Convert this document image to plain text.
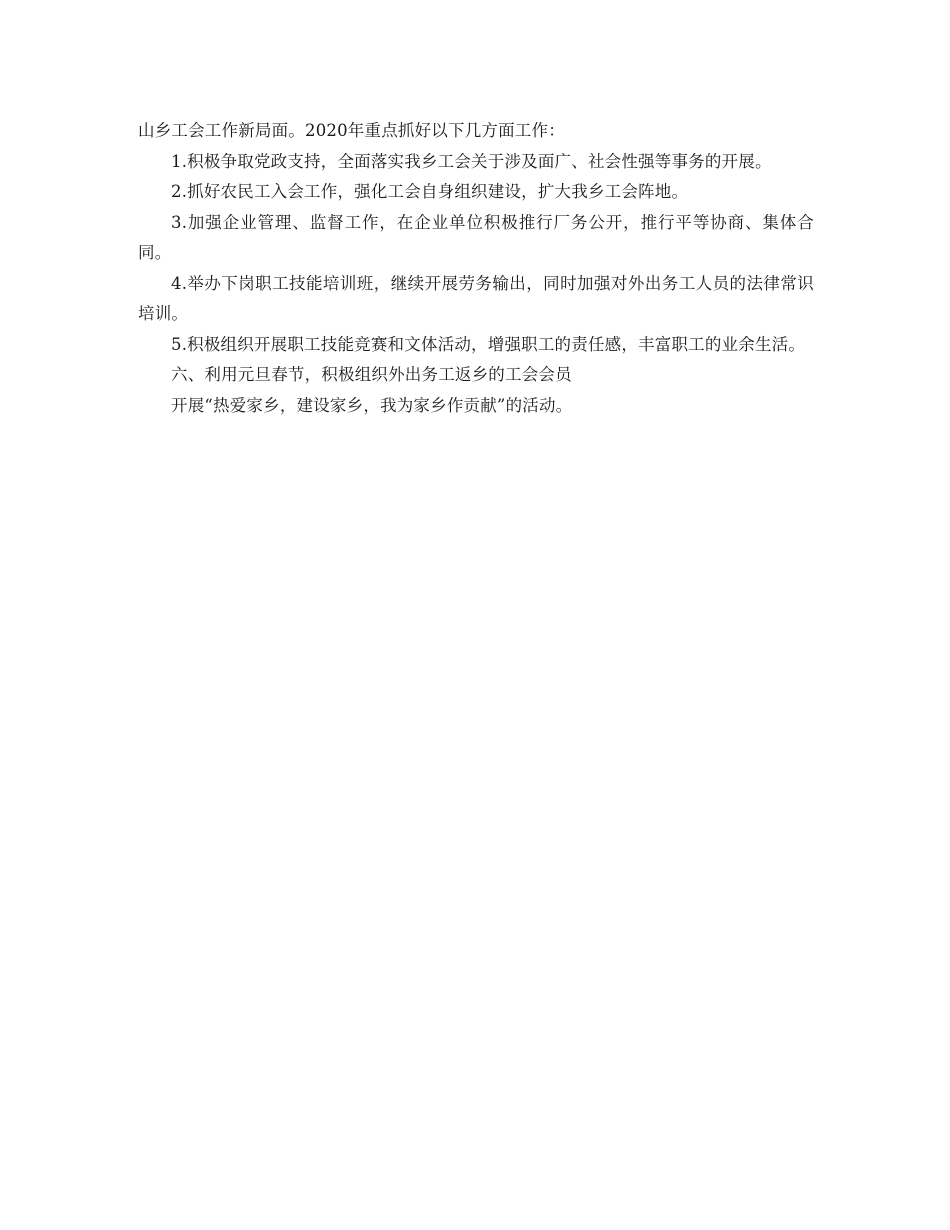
山乡工会工作新局面。2020年重点抓好以下几方面工作：

1.积极争取党政支持，全面落实我乡工会关于涉及面广、社会性强等事务的开展。

2.抓好农民工入会工作，强化工会自身组织建设，扩大我乡工会阵地。

3.加强企业管理、监督工作，在企业单位积极推行厂务公开，推行平等协商、集体合同。

4.举办下岗职工技能培训班，继续开展劳务输出，同时加强对外出务工人员的法律常识培训。

5.积极组织开展职工技能竞赛和文体活动，增强职工的责任感，丰富职工的业余生活。

六、利用元旦春节，积极组织外出务工返乡的工会会员

开展“热爱家乡，建设家乡，我为家乡作贡献”的活动。
